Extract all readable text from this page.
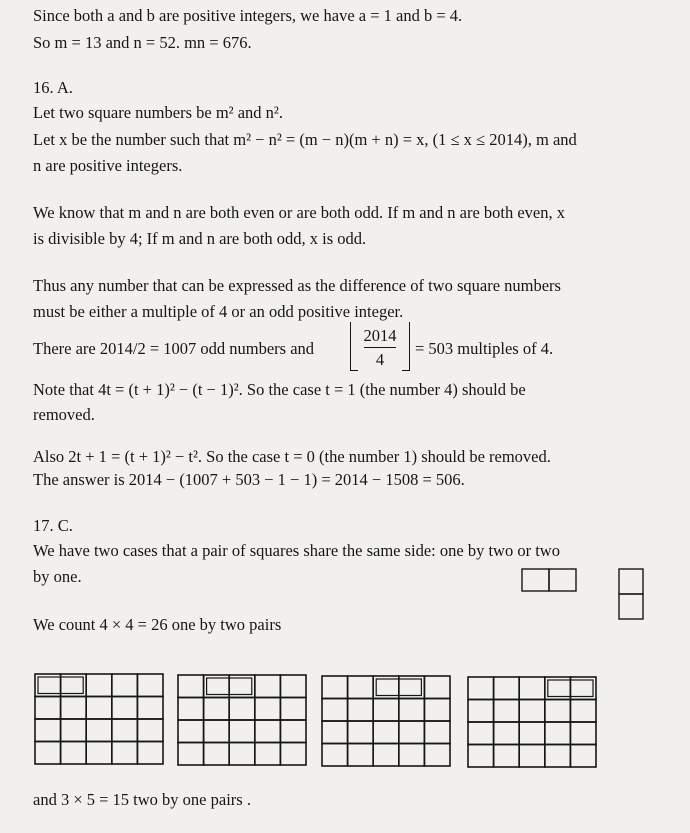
Since both a and b are positive integers, we have a = 1 and b = 4.
So m = 13 and n = 52. mn = 676.
16. A.
Let two square numbers be m² and n².
Let x be the number such that m² − n² = (m − n)(m + n) = x, (1 ≤ x ≤ 2014), m and
n are positive integers.
We know that m and n are both even or are both odd. If m and n are both even, x
is divisible by 4; If m and n are both odd, x is odd.
Thus any number that can be expressed as the difference of two square numbers
must be either a multiple of 4 or an odd positive integer.
There are 2014/2 = 1007 odd numbers and
2014
4
= 503 multiples of 4.
Note that 4t = (t + 1)² − (t − 1)². So the case t = 1 (the number 4) should be
removed.
Also 2t + 1 = (t + 1)² − t². So the case t = 0 (the number 1) should be removed.
The answer is 2014 − (1007 + 503 − 1 − 1) = 2014 − 1508 = 506.
17. C.
We have two cases that a pair of squares share the same side: one by two or two
by one.
We count 4 × 4 = 26 one by two pairs
and 3 × 5 = 15 two by one pairs .
